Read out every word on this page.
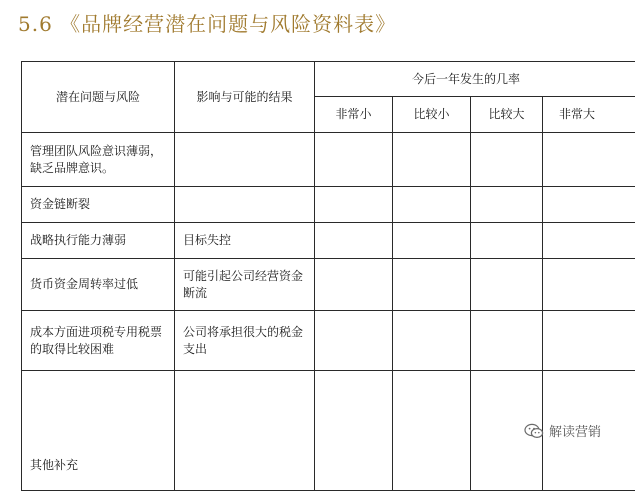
5.6 《品牌经营潜在问题与风险资料表》
潜在问题与风险	影响与可能的结果	今后一年发生的几率			
		非常小	比较小	比较大	非常大
管理团队风险意识薄弱，缺乏品牌意识。					
资金链断裂					
战略执行能力薄弱	目标失控				
货币资金周转率过低	可能引起公司经营资金断流				
成本方面进项税专用税票的取得比较困难	公司将承担很大的税金支出				
其他补充					
解读营销
